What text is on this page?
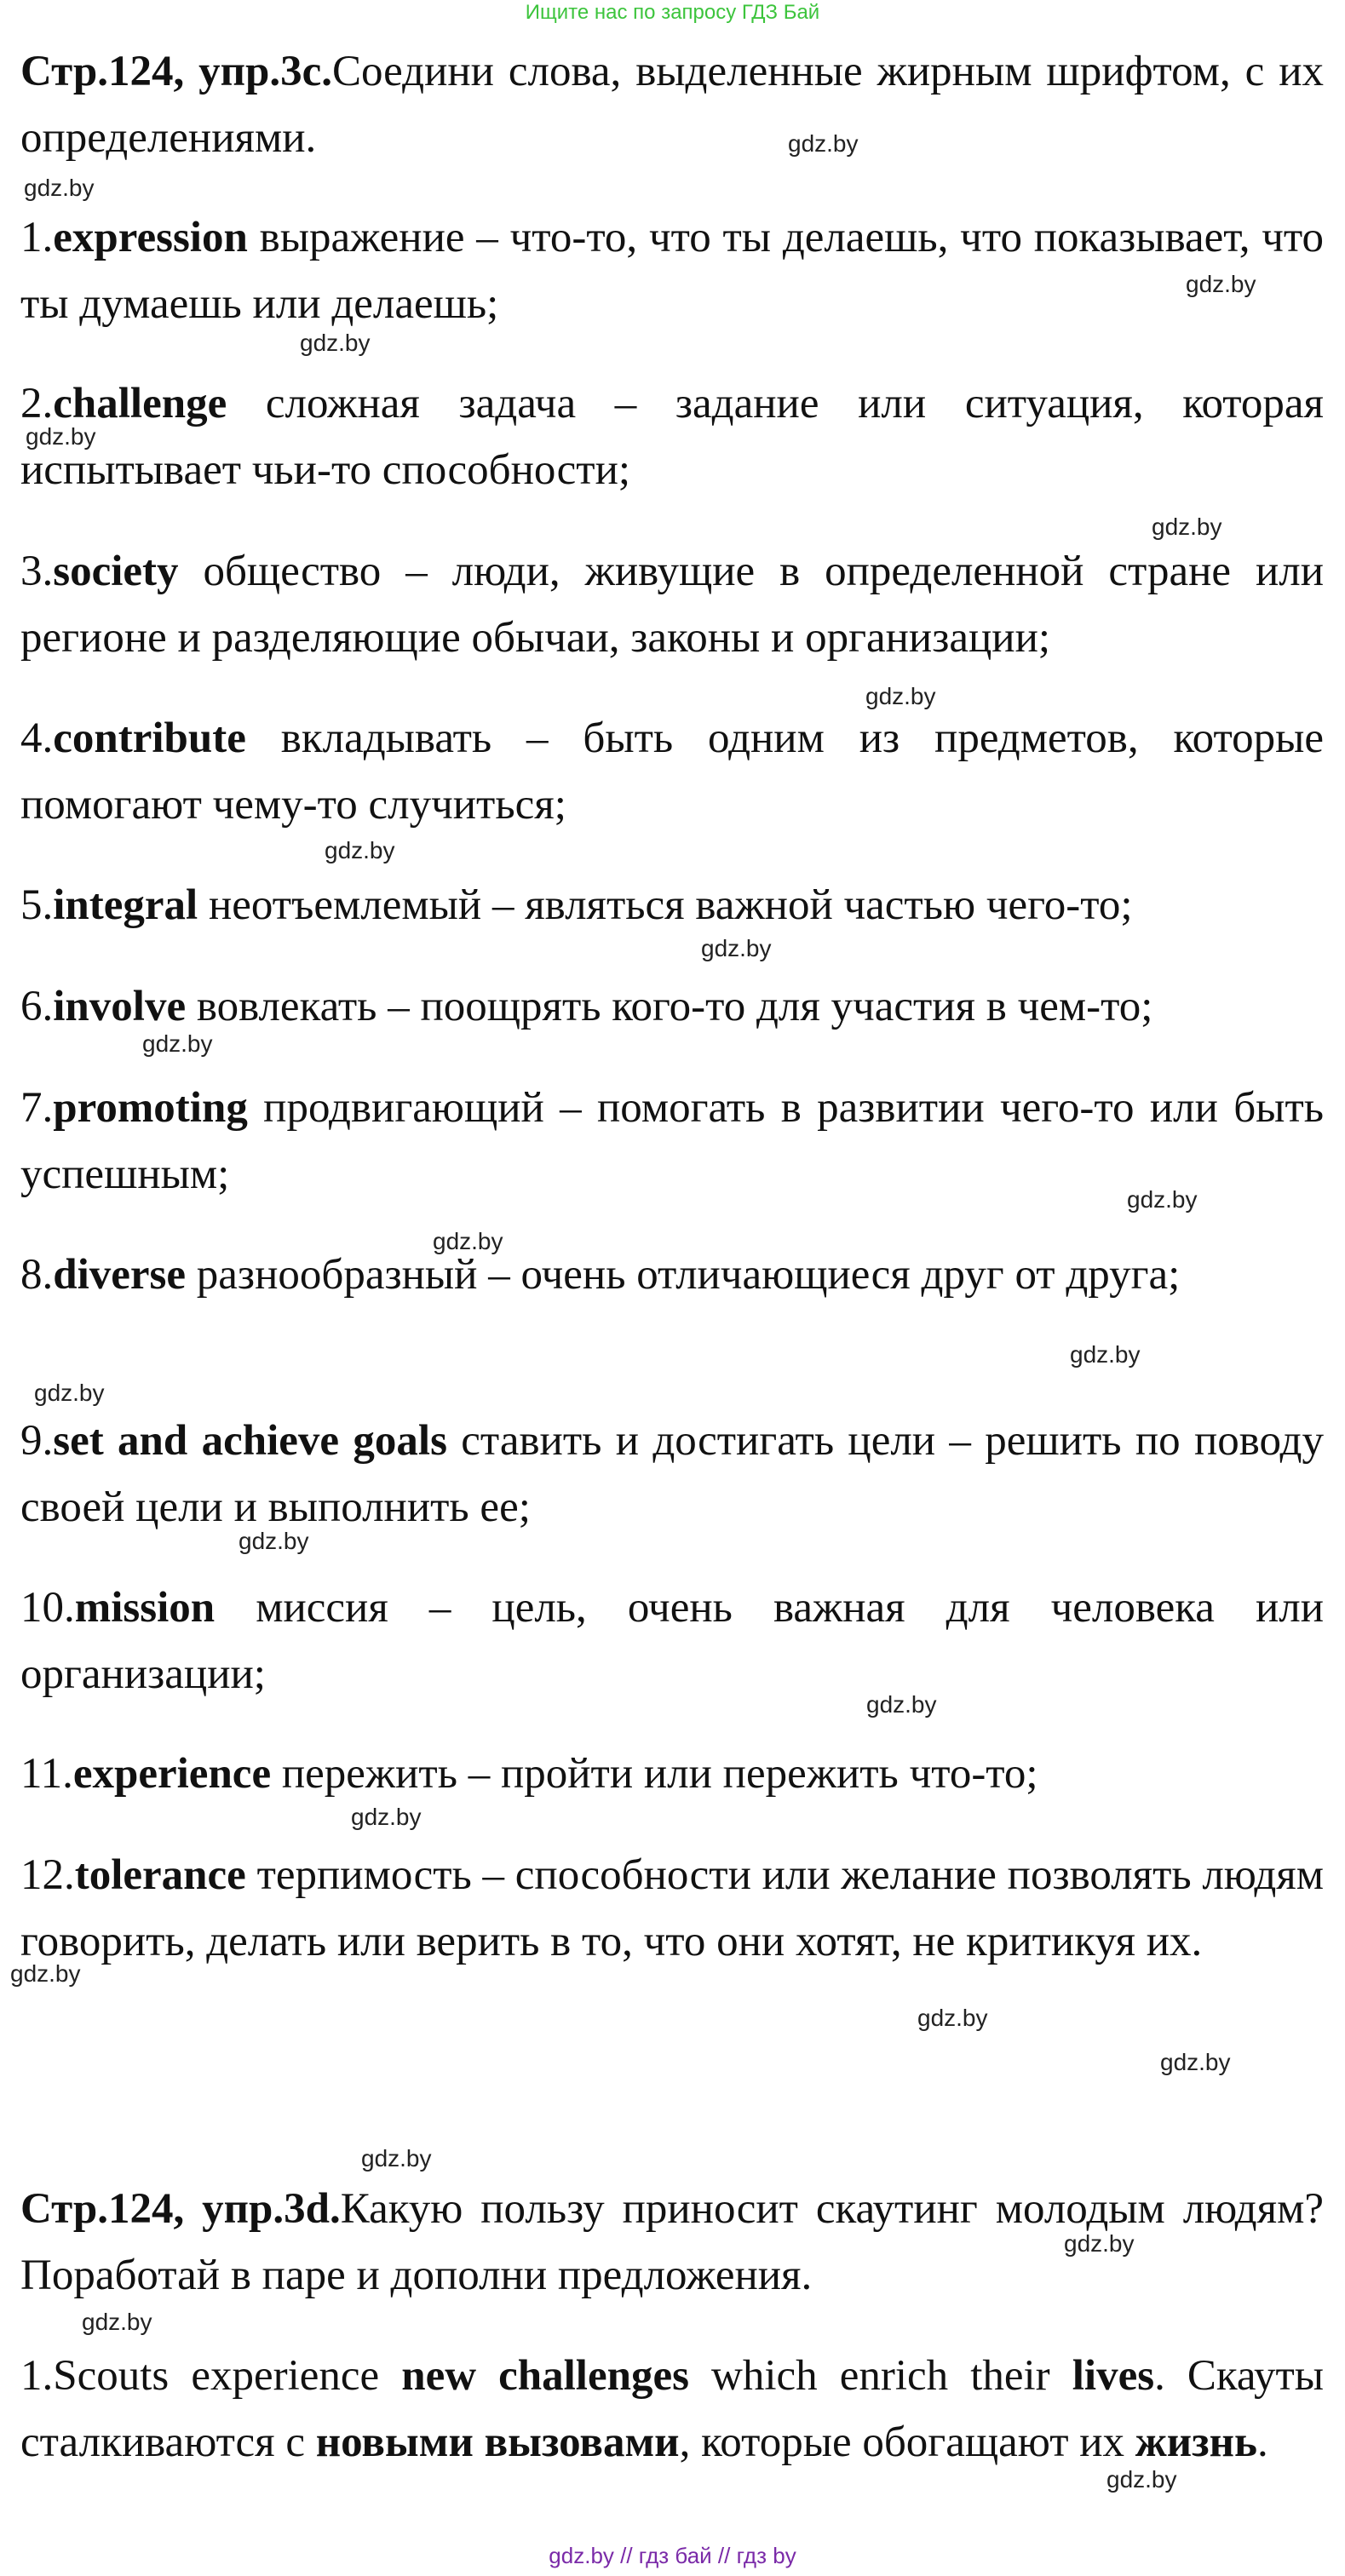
Ищите нас по запросу ГДЗ Бай

Стр.124, упр.3с.Соедини слова, выделенные жирным шрифтом, с их определениями.

1.expression выражение – что-то, что ты делаешь, что показывает, что ты думаешь или делаешь;

2.challenge сложная задача – задание или ситуация, которая испытывает чьи-то способности;

3.society общество – люди, живущие в определенной стране или регионе и разделяющие обычаи, законы и организации;

4.contribute вкладывать – быть одним из предметов, которые помогают чему-то случиться;

5.integral неотъемлемый – являться важной частью чего-то;

6.involve вовлекать – поощрять кого-то для участия в чем-то;

7.promoting продвигающий – помогать в развитии чего-то или быть успешным;

8.diverse разнообразный – очень отличающиеся друг от друга;

9.set and achieve goals ставить и достигать цели – решить по поводу своей цели и выполнить ее;

10.mission миссия – цель, очень важная для человека или организации;

11.experience пережить – пройти или пережить что-то;

12.tolerance терпимость – способности или желание позволять людям говорить, делать или верить в то, что они хотят, не критикуя их.

Стр.124, упр.3d.Какую пользу приносит скаутинг молодым людям? Поработай в паре и дополни предложения.

1.Scouts experience new challenges which enrich their lives. Скауты сталкиваются с новыми вызовами, которые обогащают их жизнь.

gdz.by
gdz.by
gdz.by
gdz.by
gdz.by
gdz.by
gdz.by
gdz.by
gdz.by
gdz.by
gdz.by
gdz.by
gdz.by
gdz.by
gdz.by
gdz.by
gdz.by
gdz.by
gdz.by
gdz.by
gdz.by
gdz.by
gdz.by
gdz.by
gdz.by // гдз бай // гдз by
